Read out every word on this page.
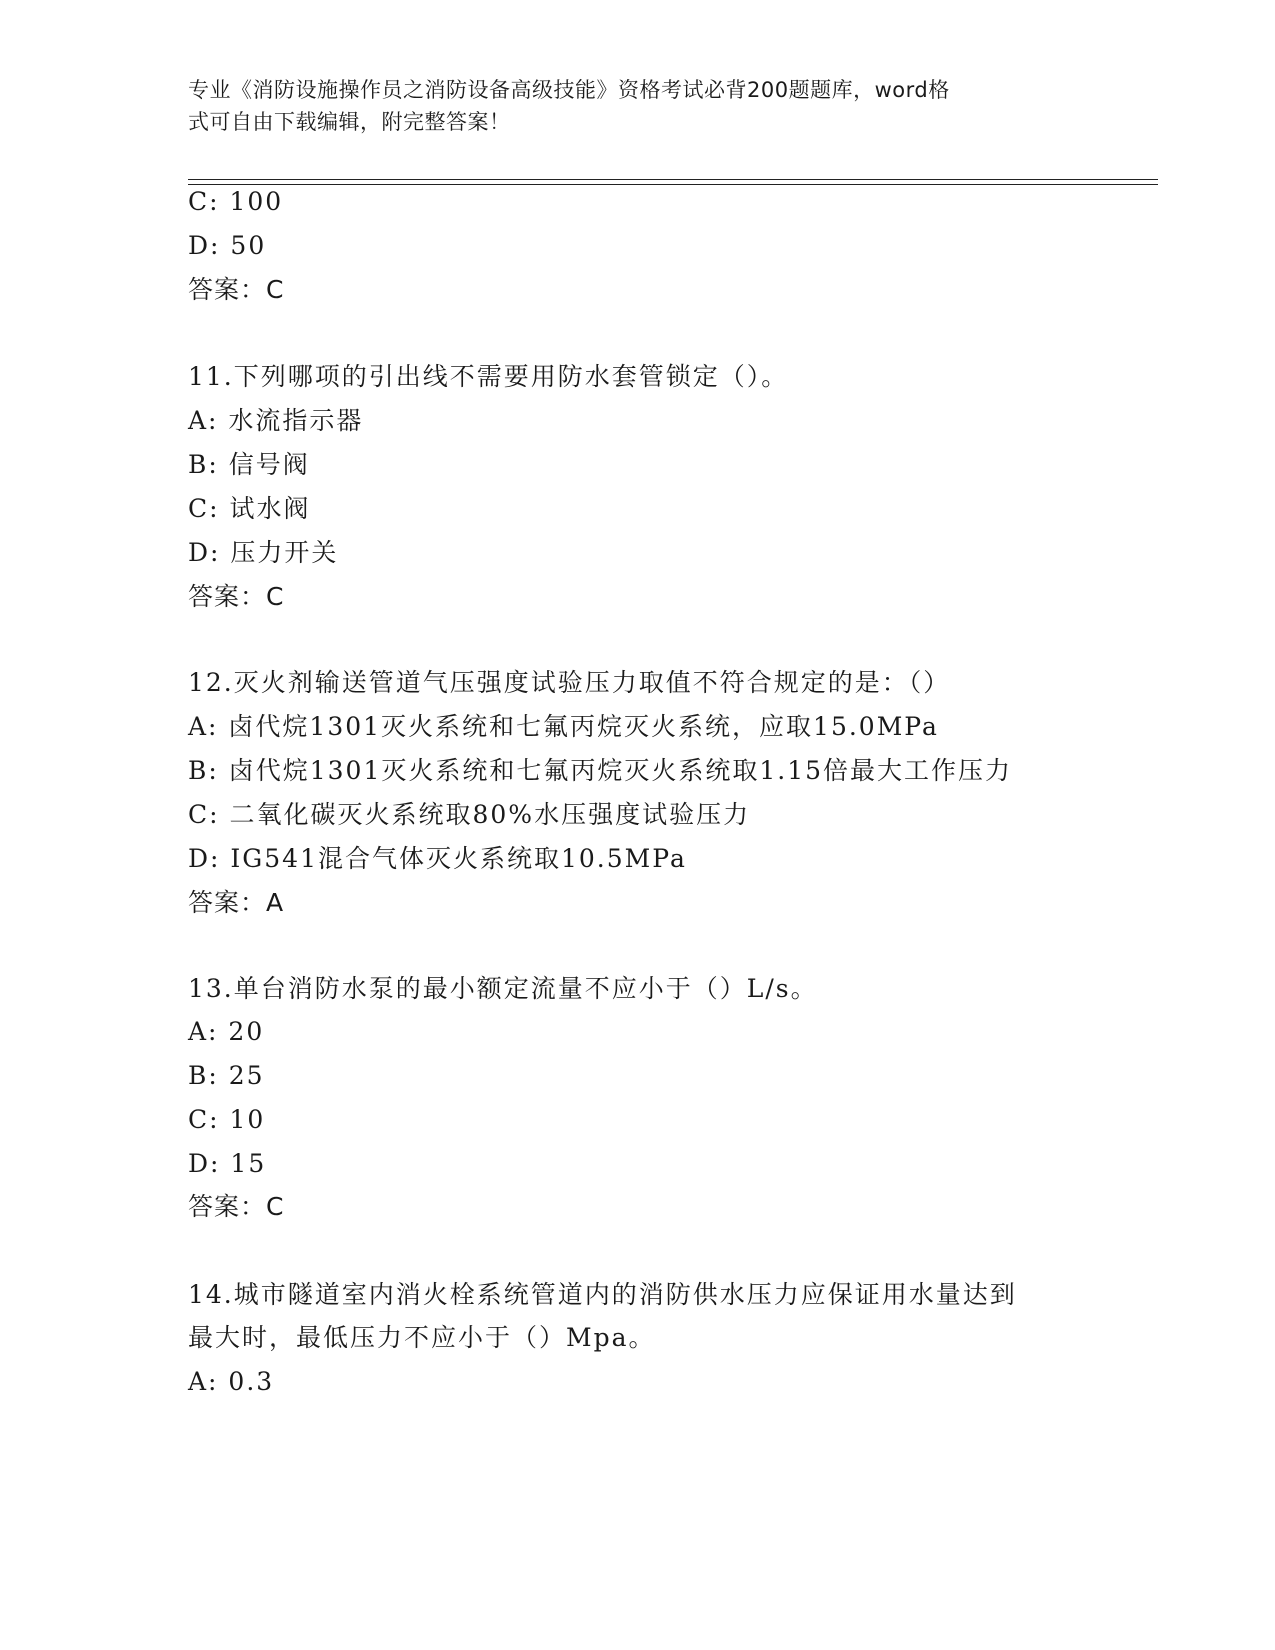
专业《消防设施操作员之消防设备高级技能》资格考试必背200题题库，word格
式可自由下载编辑，附完整答案！
C: 100
D: 50
答案：C
11.下列哪项的引出线不需要用防水套管锁定（）。
A: 水流指示器
B: 信号阀
C: 试水阀
D: 压力开关
答案：C
12.灭火剂输送管道气压强度试验压力取值不符合规定的是：（）
A: 卤代烷1301灭火系统和七氟丙烷灭火系统，应取15.0MPa
B: 卤代烷1301灭火系统和七氟丙烷灭火系统取1.15倍最大工作压力
C: 二氧化碳灭火系统取80%水压强度试验压力
D: IG541混合气体灭火系统取10.5MPa
答案：A
13.单台消防水泵的最小额定流量不应小于（）L/s。
A: 20
B: 25
C: 10
D: 15
答案：C
14.城市隧道室内消火栓系统管道内的消防供水压力应保证用水量达到
最大时，最低压力不应小于（）Mpa。
A: 0.3
